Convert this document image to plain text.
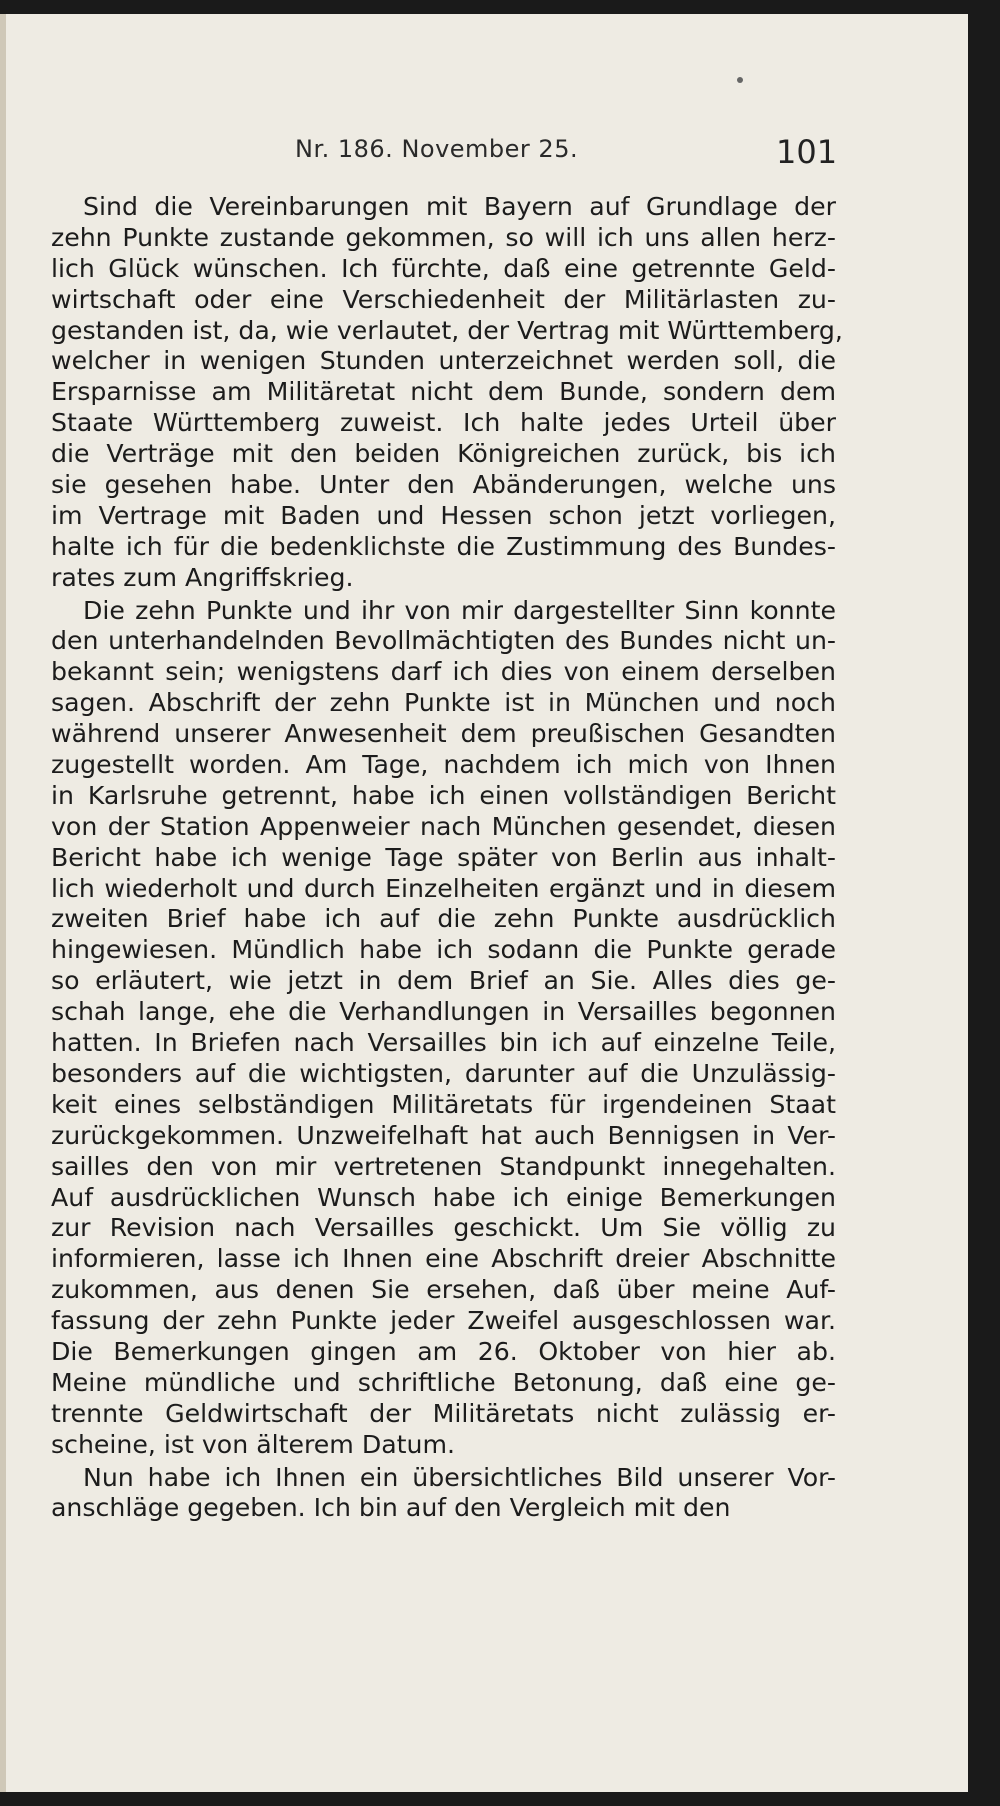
Nr. 186. November 25.	101
Sind die Vereinbarungen mit Bayern auf Grundlage der
zehn Punkte zustande gekommen, so will ich uns allen herz-
lich Glück wünschen. Ich fürchte, daß eine getrennte Geld-
wirtschaft oder eine Verschiedenheit der Militärlasten zu-
gestanden ist, da, wie verlautet, der Vertrag mit Württemberg,
welcher in wenigen Stunden unterzeichnet werden soll, die
Ersparnisse am Militäretat nicht dem Bunde, sondern dem
Staate Württemberg zuweist. Ich halte jedes Urteil über
die Verträge mit den beiden Königreichen zurück, bis ich
sie gesehen habe. Unter den Abänderungen, welche uns
im Vertrage mit Baden und Hessen schon jetzt vorliegen,
halte ich für die bedenklichste die Zustimmung des Bundes-
rates zum Angriffskrieg.
Die zehn Punkte und ihr von mir dargestellter Sinn konnte
den unterhandelnden Bevollmächtigten des Bundes nicht un-
bekannt sein; wenigstens darf ich dies von einem derselben
sagen. Abschrift der zehn Punkte ist in München und noch
während unserer Anwesenheit dem preußischen Gesandten
zugestellt worden. Am Tage, nachdem ich mich von Ihnen
in Karlsruhe getrennt, habe ich einen vollständigen Bericht
von der Station Appenweier nach München gesendet, diesen
Bericht habe ich wenige Tage später von Berlin aus inhalt-
lich wiederholt und durch Einzelheiten ergänzt und in diesem
zweiten Brief habe ich auf die zehn Punkte ausdrücklich
hingewiesen. Mündlich habe ich sodann die Punkte gerade
so erläutert, wie jetzt in dem Brief an Sie. Alles dies ge-
schah lange, ehe die Verhandlungen in Versailles begonnen
hatten. In Briefen nach Versailles bin ich auf einzelne Teile,
besonders auf die wichtigsten, darunter auf die Unzulässig-
keit eines selbständigen Militäretats für irgendeinen Staat
zurückgekommen. Unzweifelhaft hat auch Bennigsen in Ver-
sailles den von mir vertretenen Standpunkt innegehalten.
Auf ausdrücklichen Wunsch habe ich einige Bemerkungen
zur Revision nach Versailles geschickt. Um Sie völlig zu
informieren, lasse ich Ihnen eine Abschrift dreier Abschnitte
zukommen, aus denen Sie ersehen, daß über meine Auf-
fassung der zehn Punkte jeder Zweifel ausgeschlossen war.
Die Bemerkungen gingen am 26. Oktober von hier ab.
Meine mündliche und schriftliche Betonung, daß eine ge-
trennte Geldwirtschaft der Militäretats nicht zulässig er-
scheine, ist von älterem Datum.
Nun habe ich Ihnen ein übersichtliches Bild unserer Vor-
anschläge gegeben. Ich bin auf den Vergleich mit den
